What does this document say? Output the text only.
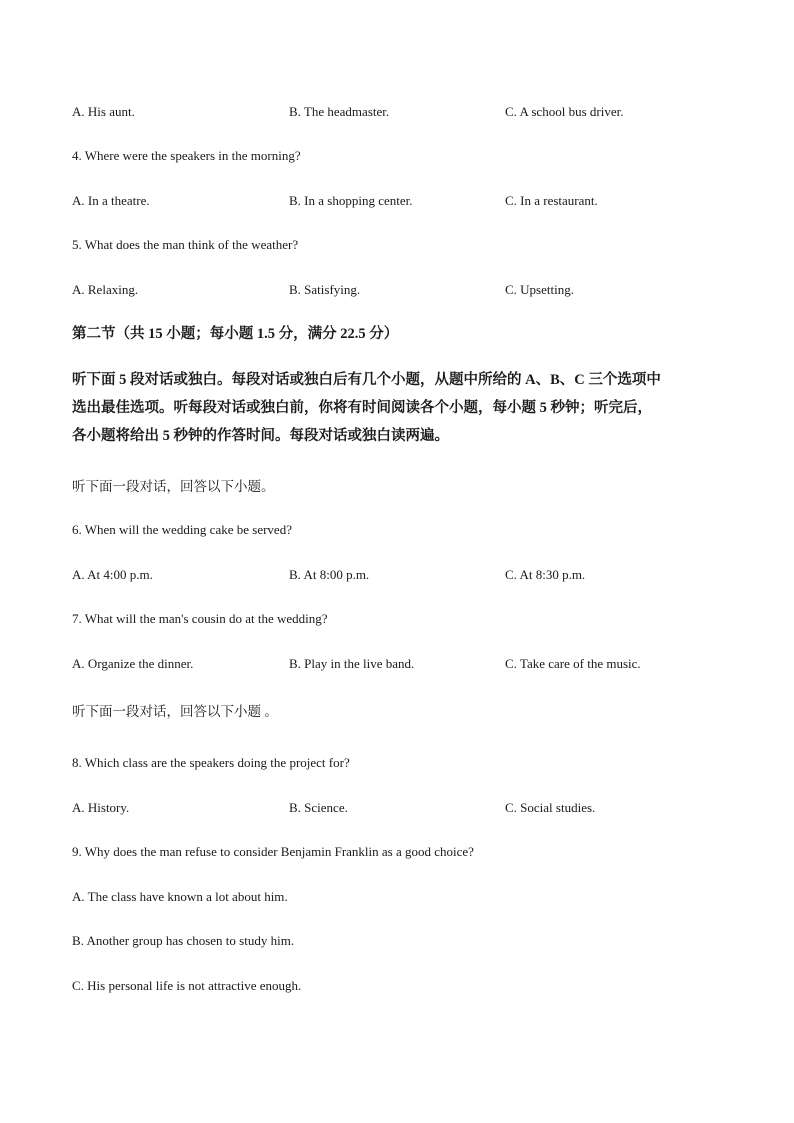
A. His aunt.	B. The headmaster.	C. A school bus driver.
4. Where were the speakers in the morning?
A. In a theatre.	B. In a shopping center.	C. In a restaurant.
5. What does the man think of the weather?
A. Relaxing.	B. Satisfying.	C. Upsetting.
第二节（共 15 小题；每小题 1.5 分，满分 22.5 分）
听下面 5 段对话或独白。每段对话或独白后有几个小题，从题中所给的 A、B、C 三个选项中
选出最佳选项。听每段对话或独白前，你将有时间阅读各个小题，每小题 5 秒钟；听完后，
各小题将给出 5 秒钟的作答时间。每段对话或独白读两遍。
听下面一段对话，回答以下小题。
6. When will the wedding cake be served?
A. At 4:00 p.m.	B. At 8:00 p.m.	C. At 8:30 p.m.
7. What will the man's cousin do at the wedding?
A. Organize the dinner.	B. Play in the live band.	C. Take care of the music.
听下面一段对话，回答以下小题 。
8. Which class are the speakers doing the project for?
A. History.	B. Science.	C. Social studies.
9. Why does the man refuse to consider Benjamin Franklin as a good choice?
A. The class have known a lot about him.
B. Another group has chosen to study him.
C. His personal life is not attractive enough.
